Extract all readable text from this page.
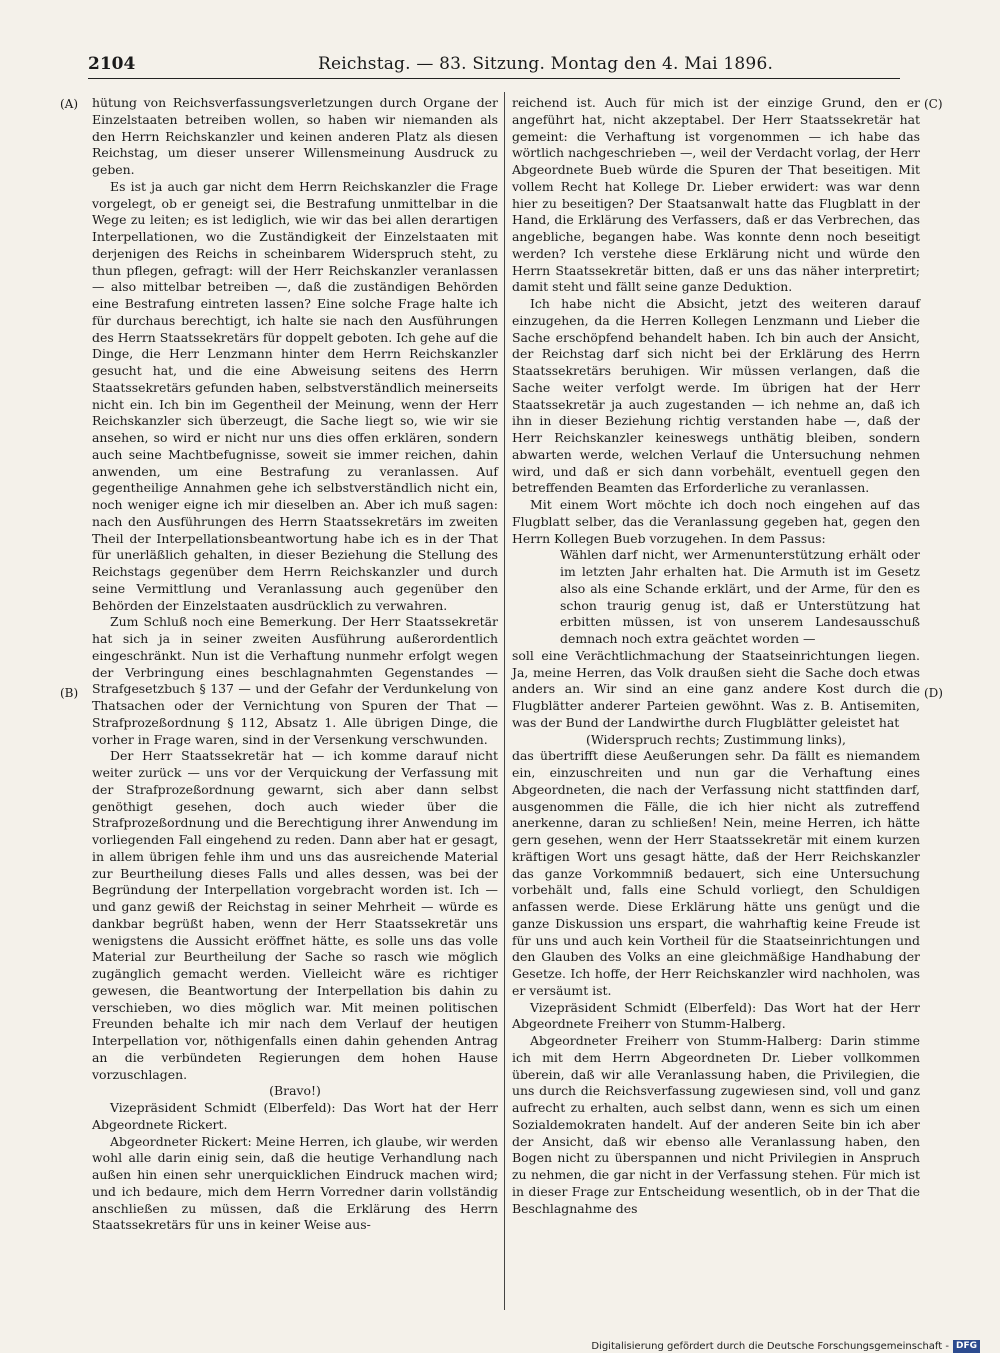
2104	Reichstag. — 83. Sitzung. Montag den 4. Mai 1896.
(A)
(B)
(C)
(D)

hütung von Reichsverfassungsverletzungen durch Organe der Einzelstaaten betreiben wollen, so haben wir niemanden als den Herrn Reichskanzler und keinen anderen Platz als diesen Reichstag, um dieser unserer Willensmeinung Ausdruck zu geben.

Es ist ja auch gar nicht dem Herrn Reichskanzler die Frage vorgelegt, ob er geneigt sei, die Bestrafung unmittelbar in die Wege zu leiten; es ist lediglich, wie wir das bei allen derartigen Interpellationen, wo die Zuständigkeit der Einzelstaaten mit derjenigen des Reichs in scheinbarem Widerspruch steht, zu thun pflegen, gefragt: will der Herr Reichskanzler veranlassen — also mittelbar betreiben —, daß die zuständigen Behörden eine Bestrafung eintreten lassen? Eine solche Frage halte ich für durchaus berechtigt, ich halte sie nach den Ausführungen des Herrn Staatssekretärs für doppelt geboten. Ich gehe auf die Dinge, die Herr Lenzmann hinter dem Herrn Reichskanzler gesucht hat, und die eine Abweisung seitens des Herrn Staatssekretärs gefunden haben, selbstverständlich meinerseits nicht ein. Ich bin im Gegentheil der Meinung, wenn der Herr Reichskanzler sich überzeugt, die Sache liegt so, wie wir sie ansehen, so wird er nicht nur uns dies offen erklären, sondern auch seine Machtbefugnisse, soweit sie immer reichen, dahin anwenden, um eine Bestrafung zu veranlassen. Auf gegentheilige Annahmen gehe ich selbstverständlich nicht ein, noch weniger eigne ich mir dieselben an. Aber ich muß sagen: nach den Ausführungen des Herrn Staatssekretärs im zweiten Theil der Interpellationsbeantwortung habe ich es in der That für unerläßlich gehalten, in dieser Beziehung die Stellung des Reichstags gegenüber dem Herrn Reichskanzler und durch seine Vermittlung und Veranlassung auch gegenüber den Behörden der Einzelstaaten ausdrücklich zu verwahren.

Zum Schluß noch eine Bemerkung. Der Herr Staatssekretär hat sich ja in seiner zweiten Ausführung außerordentlich eingeschränkt. Nun ist die Verhaftung nunmehr erfolgt wegen der Verbringung eines beschlagnahmten Gegenstandes — Strafgesetzbuch § 137 — und der Gefahr der Verdunkelung von Thatsachen oder der Vernichtung von Spuren der That — Strafprozeßordnung § 112, Absatz 1. Alle übrigen Dinge, die vorher in Frage waren, sind in der Versenkung verschwunden.

Der Herr Staatssekretär hat — ich komme darauf nicht weiter zurück — uns vor der Verquickung der Verfassung mit der Strafprozeßordnung gewarnt, sich aber dann selbst genöthigt gesehen, doch auch wieder über die Strafprozeßordnung und die Berechtigung ihrer Anwendung im vorliegenden Fall eingehend zu reden. Dann aber hat er gesagt, in allem übrigen fehle ihm und uns das ausreichende Material zur Beurtheilung dieses Falls und alles dessen, was bei der Begründung der Interpellation vorgebracht worden ist. Ich — und ganz gewiß der Reichstag in seiner Mehrheit — würde es dankbar begrüßt haben, wenn der Herr Staatssekretär uns wenigstens die Aussicht eröffnet hätte, es solle uns das volle Material zur Beurtheilung der Sache so rasch wie möglich zugänglich gemacht werden. Vielleicht wäre es richtiger gewesen, die Beantwortung der Interpellation bis dahin zu verschieben, wo dies möglich war. Mit meinen politischen Freunden behalte ich mir nach dem Verlauf der heutigen Interpellation vor, nöthigenfalls einen dahin gehenden Antrag an die verbündeten Regierungen dem hohen Hause vorzuschlagen.

(Bravo!)

Vizepräsident Schmidt (Elberfeld): Das Wort hat der Herr Abgeordnete Rickert.

Abgeordneter Rickert: Meine Herren, ich glaube, wir werden wohl alle darin einig sein, daß die heutige Verhandlung nach außen hin einen sehr unerquicklichen Eindruck machen wird; und ich bedaure, mich dem Herrn Vorredner darin vollständig anschließen zu müssen, daß die Erklärung des Herrn Staatssekretärs für uns in keiner Weise aus-

reichend ist. Auch für mich ist der einzige Grund, den er angeführt hat, nicht akzeptabel. Der Herr Staatssekretär hat gemeint: die Verhaftung ist vorgenommen — ich habe das wörtlich nachgeschrieben —, weil der Verdacht vorlag, der Herr Abgeordnete Bueb würde die Spuren der That beseitigen. Mit vollem Recht hat Kollege Dr. Lieber erwidert: was war denn hier zu beseitigen? Der Staatsanwalt hatte das Flugblatt in der Hand, die Erklärung des Verfassers, daß er das Verbrechen, das angebliche, begangen habe. Was konnte denn noch beseitigt werden? Ich verstehe diese Erklärung nicht und würde den Herrn Staatssekretär bitten, daß er uns das näher interpretirt; damit steht und fällt seine ganze Deduktion.

Ich habe nicht die Absicht, jetzt des weiteren darauf einzugehen, da die Herren Kollegen Lenzmann und Lieber die Sache erschöpfend behandelt haben. Ich bin auch der Ansicht, der Reichstag darf sich nicht bei der Erklärung des Herrn Staatssekretärs beruhigen. Wir müssen verlangen, daß die Sache weiter verfolgt werde. Im übrigen hat der Herr Staatssekretär ja auch zugestanden — ich nehme an, daß ich ihn in dieser Beziehung richtig verstanden habe —, daß der Herr Reichskanzler keineswegs unthätig bleiben, sondern abwarten werde, welchen Verlauf die Untersuchung nehmen wird, und daß er sich dann vorbehält, eventuell gegen den betreffenden Beamten das Erforderliche zu veranlassen.

Mit einem Wort möchte ich doch noch eingehen auf das Flugblatt selber, das die Veranlassung gegeben hat, gegen den Herrn Kollegen Bueb vorzugehen. In dem Passus:

Wählen darf nicht, wer Armenunterstützung erhält oder im letzten Jahr erhalten hat. Die Armuth ist im Gesetz also als eine Schande erklärt, und der Arme, für den es schon traurig genug ist, daß er Unterstützung hat erbitten müssen, ist von unserem Landesausschuß demnach noch extra geächtet worden —

soll eine Verächtlichmachung der Staatseinrichtungen liegen. Ja, meine Herren, das Volk draußen sieht die Sache doch etwas anders an. Wir sind an eine ganz andere Kost durch die Flugblätter anderer Parteien gewöhnt. Was z. B. Antisemiten, was der Bund der Landwirthe durch Flugblätter geleistet hat

(Widerspruch rechts; Zustimmung links),

das übertrifft diese Aeußerungen sehr. Da fällt es niemandem ein, einzuschreiten und nun gar die Verhaftung eines Abgeordneten, die nach der Verfassung nicht stattfinden darf, ausgenommen die Fälle, die ich hier nicht als zutreffend anerkenne, daran zu schließen! Nein, meine Herren, ich hätte gern gesehen, wenn der Herr Staatssekretär mit einem kurzen kräftigen Wort uns gesagt hätte, daß der Herr Reichskanzler das ganze Vorkommniß bedauert, sich eine Untersuchung vorbehält und, falls eine Schuld vorliegt, den Schuldigen anfassen werde. Diese Erklärung hätte uns genügt und die ganze Diskussion uns erspart, die wahrhaftig keine Freude ist für uns und auch kein Vortheil für die Staatseinrichtungen und den Glauben des Volks an eine gleichmäßige Handhabung der Gesetze. Ich hoffe, der Herr Reichskanzler wird nachholen, was er versäumt ist.

Vizepräsident Schmidt (Elberfeld): Das Wort hat der Herr Abgeordnete Freiherr von Stumm-Halberg.

Abgeordneter Freiherr von Stumm-Halberg: Darin stimme ich mit dem Herrn Abgeordneten Dr. Lieber vollkommen überein, daß wir alle Veranlassung haben, die Privilegien, die uns durch die Reichsverfassung zugewiesen sind, voll und ganz aufrecht zu erhalten, auch selbst dann, wenn es sich um einen Sozialdemokraten handelt. Auf der anderen Seite bin ich aber der Ansicht, daß wir ebenso alle Veranlassung haben, den Bogen nicht zu überspannen und nicht Privilegien in Anspruch zu nehmen, die gar nicht in der Verfassung stehen. Für mich ist in dieser Frage zur Entscheidung wesentlich, ob in der That die Beschlagnahme des

Digitalisierung gefördert durch die Deutsche Forschungsgemeinschaft - DFG
